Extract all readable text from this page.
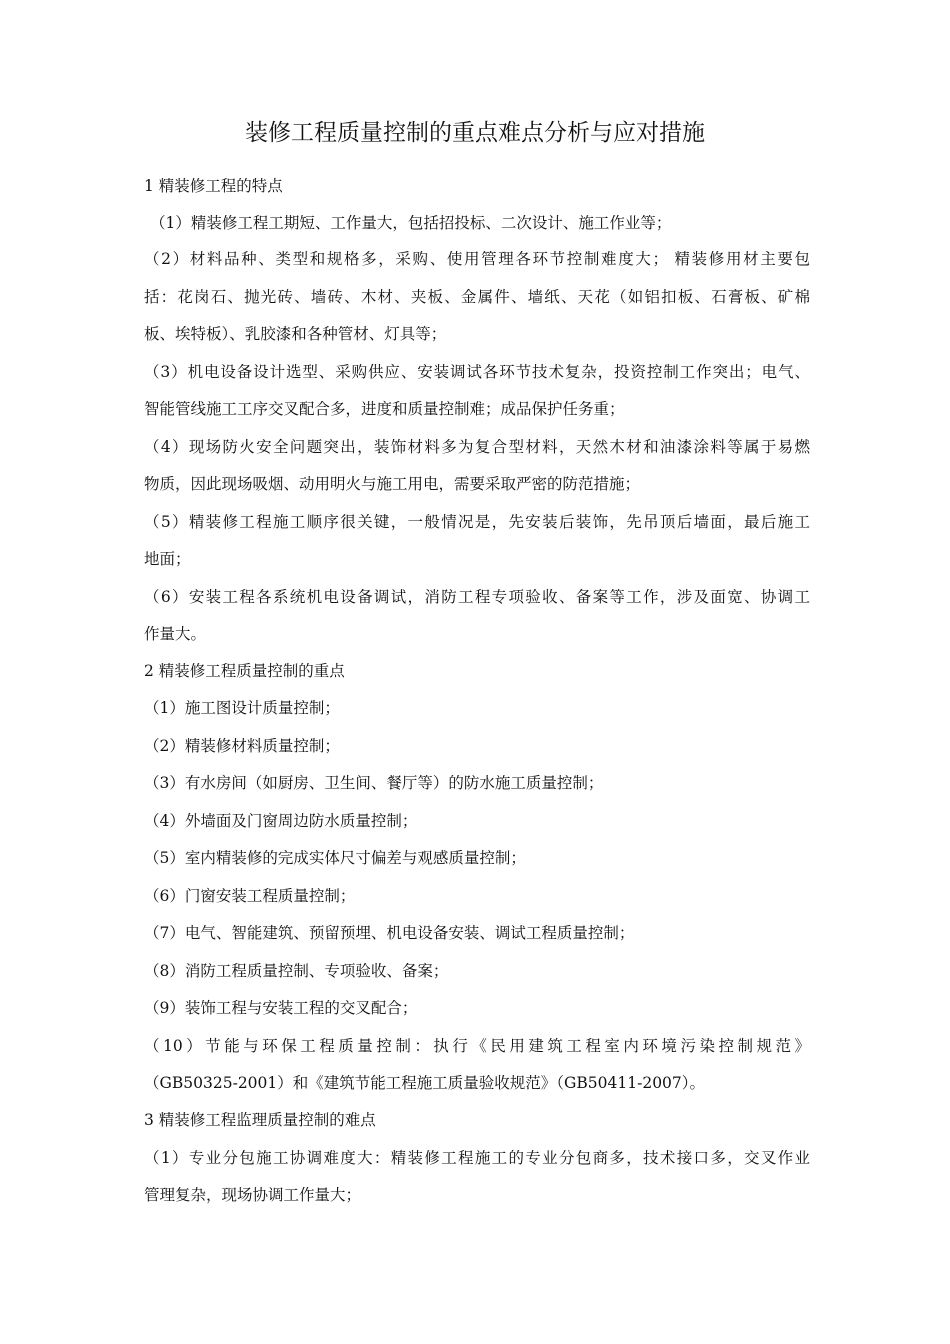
装修工程质量控制的重点难点分析与应对措施
1 精装修工程的特点
（1）精装修工程工期短、工作量大，包括招投标、二次设计、施工作业等；
（2）材料品种、类型和规格多，采购、使用管理各环节控制难度大； 精装修用材主要包
括：花岗石、抛光砖、墙砖、木材、夹板、金属件、墙纸、天花（如铝扣板、石膏板、矿棉
板、埃特板）、乳胶漆和各种管材、灯具等；
（3）机电设备设计选型、采购供应、安装调试各环节技术复杂，投资控制工作突出；电气、
智能管线施工工序交叉配合多，进度和质量控制难；成品保护任务重；
（4）现场防火安全问题突出，装饰材料多为复合型材料，天然木材和油漆涂料等属于易燃
物质，因此现场吸烟、动用明火与施工用电，需要采取严密的防范措施；
（5）精装修工程施工顺序很关键，一般情况是，先安装后装饰，先吊顶后墙面，最后施工
地面；
（6）安装工程各系统机电设备调试，消防工程专项验收、备案等工作，涉及面宽、协调工
作量大。
2 精装修工程质量控制的重点
（1）施工图设计质量控制；
（2）精装修材料质量控制；
（3）有水房间（如厨房、卫生间、餐厅等）的防水施工质量控制；
（4）外墙面及门窗周边防水质量控制；
（5）室内精装修的完成实体尺寸偏差与观感质量控制；
（6）门窗安装工程质量控制；
（7）电气、智能建筑、预留预埋、机电设备安装、调试工程质量控制；
（8）消防工程质量控制、专项验收、备案；
（9）装饰工程与安装工程的交叉配合；
（10）节能与环保工程质量控制：执行《民用建筑工程室内环境污染控制规范》
（GB50325-2001）和《建筑节能工程施工质量验收规范》（GB50411-2007）。
3 精装修工程监理质量控制的难点
（1）专业分包施工协调难度大：精装修工程施工的专业分包商多，技术接口多，交叉作业
管理复杂，现场协调工作量大；
